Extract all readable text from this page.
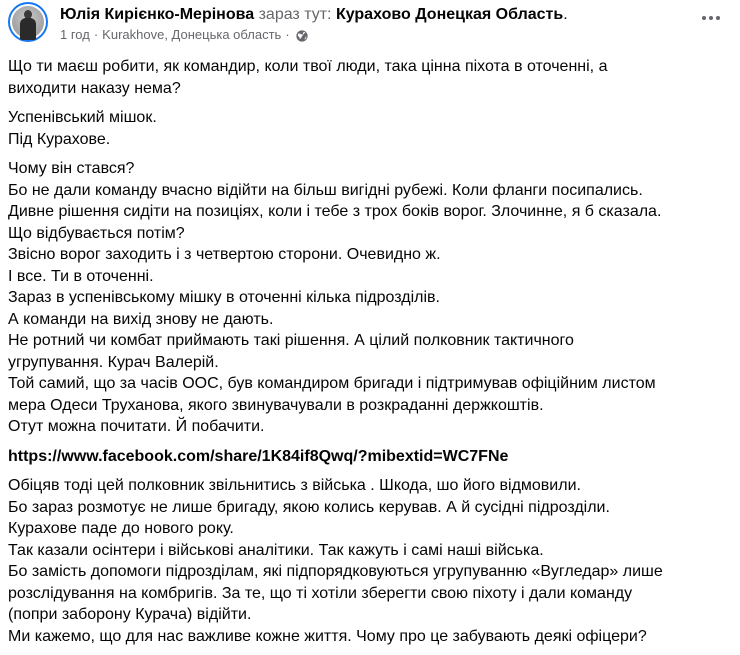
Юлія Кирієнко-Мерінова зараз тут: Курахово Донецкая Область.
1 год · Kurakhove, Донецька область ·
Що ти маєш робити, як командир, коли твої люди, така цінна піхота в оточенні, а
виходити наказу нема?
Успенівський мішок.
Під Курахове.
Чому він стався?
Бо не дали команду вчасно відійти на більш вигідні рубежі. Коли фланги посипались.
Дивне рішення сидіти на позиціях, коли і тебе з трох боків ворог. Злочинне, я б сказала.
Що відбувається потім?
Звісно ворог заходить і з четвертою сторони. Очевидно ж.
І все. Ти в оточенні.
Зараз в успенівському мішку в оточенні кілька підрозділів.
А команди на вихід знову не дають.
Не ротний чи комбат приймають такі рішення. А цілий полковник тактичного
угрупування. Курач Валерій.
Той самий, що за часів ООС, був командиром бригади і підтримував офіційним листом
мера Одеси Труханова, якого звинувачували в розкраданні держкоштів.
Отут можна почитати. Й побачити.
https://www.facebook.com/share/1K84if8Qwq/?mibextid=WC7FNe
Обіцяв тоді цей полковник звільнитись з війська . Шкода, шо його відмовили.
Бо зараз розмотує не лише бригаду, якою колись керував. А й сусідні підрозділи.
Курахове паде до нового року.
Так казали осінтери і військові аналітики. Так кажуть і самі наші війська.
Бо замість допомоги підрозділам, які підпорядковуються угрупуванню «Вугледар» лише
розслідування на комбригів. За те, що ті хотіли зберегти свою піхоту і дали команду
(попри заборону Курача) відійти.
Ми кажемо, що для нас важливе кожне життя. Чому про це забувають деякі офіцери?
